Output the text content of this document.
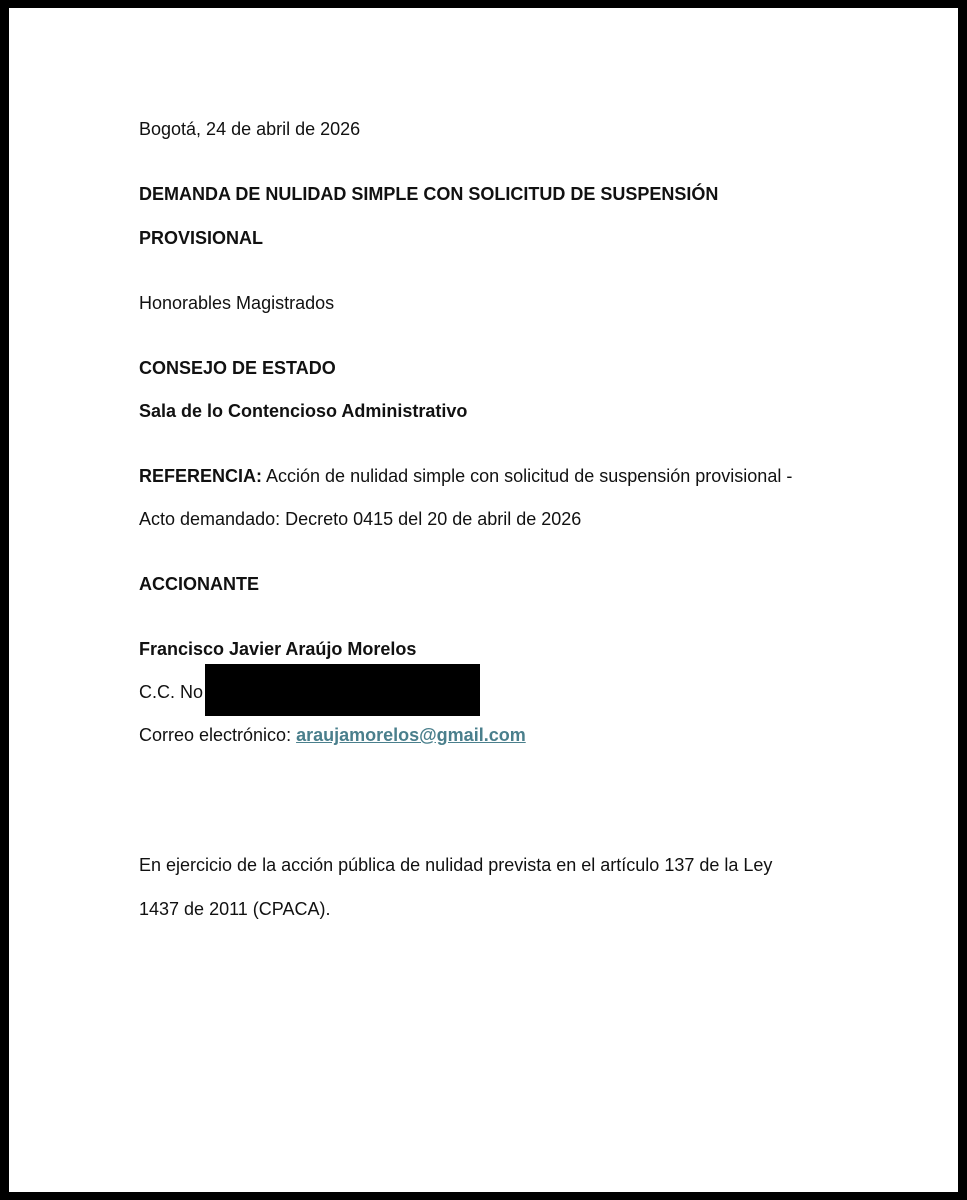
Bogotá, 24 de abril de 2026
DEMANDA DE NULIDAD SIMPLE CON SOLICITUD DE SUSPENSIÓN
PROVISIONAL
Honorables Magistrados
CONSEJO DE ESTADO
Sala de lo Contencioso Administrativo
REFERENCIA: Acción de nulidad simple con solicitud de suspensión provisional -
Acto demandado: Decreto 0415 del 20 de abril de 2026
ACCIONANTE
Francisco Javier Araújo Morelos
C.C. No
Correo electrónico: araujamorelos@gmail.com
En ejercicio de la acción pública de nulidad prevista en el artículo 137 de la Ley
1437 de 2011 (CPACA).
